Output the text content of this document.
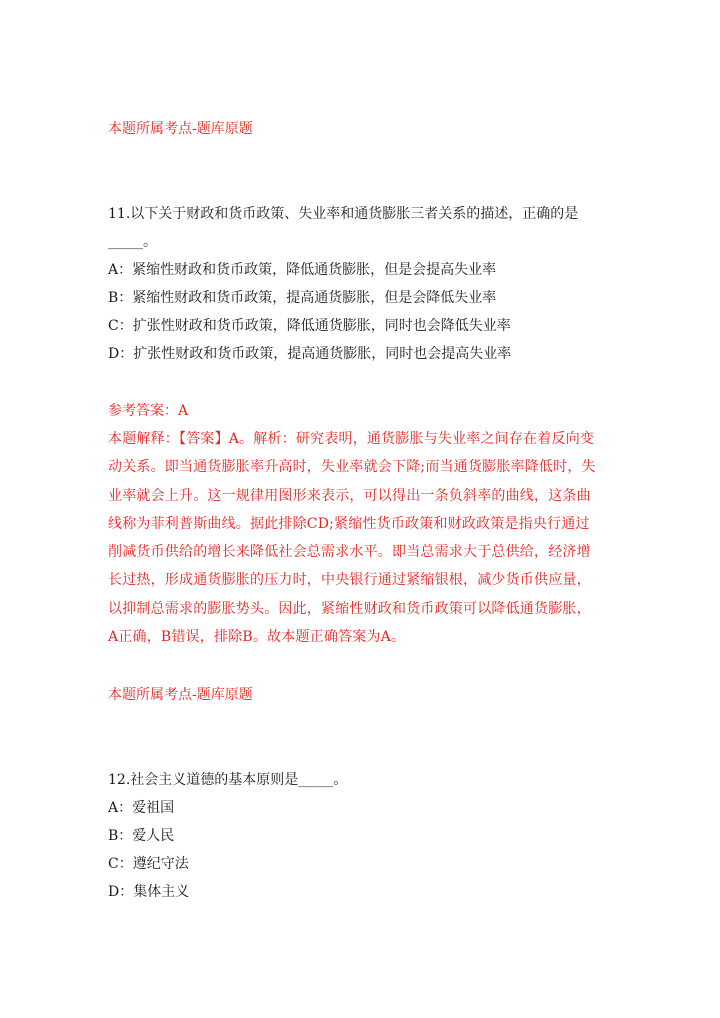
本题所属考点-题库原题
11.以下关于财政和货币政策、失业率和通货膨胀三者关系的描述，正确的是
_____。
A：紧缩性财政和货币政策，降低通货膨胀，但是会提高失业率
B：紧缩性财政和货币政策，提高通货膨胀，但是会降低失业率
C：扩张性财政和货币政策，降低通货膨胀，同时也会降低失业率
D：扩张性财政和货币政策，提高通货膨胀，同时也会提高失业率
参考答案：A
本题解释：【答案】A。解析：研究表明，通货膨胀与失业率之间存在着反向变
动关系。即当通货膨胀率升高时，失业率就会下降;而当通货膨胀率降低时，失
业率就会上升。这一规律用图形来表示，可以得出一条负斜率的曲线，这条曲
线称为菲利普斯曲线。据此排除CD;紧缩性货币政策和财政政策是指央行通过
削减货币供给的增长来降低社会总需求水平。即当总需求大于总供给，经济增
长过热，形成通货膨胀的压力时，中央银行通过紧缩银根，减少货币供应量，
以抑制总需求的膨胀势头。因此，紧缩性财政和货币政策可以降低通货膨胀，
A正确，B错误，排除B。故本题正确答案为A。
本题所属考点-题库原题
12.社会主义道德的基本原则是_____。
A：爱祖国
B：爱人民
C：遵纪守法
D：集体主义
